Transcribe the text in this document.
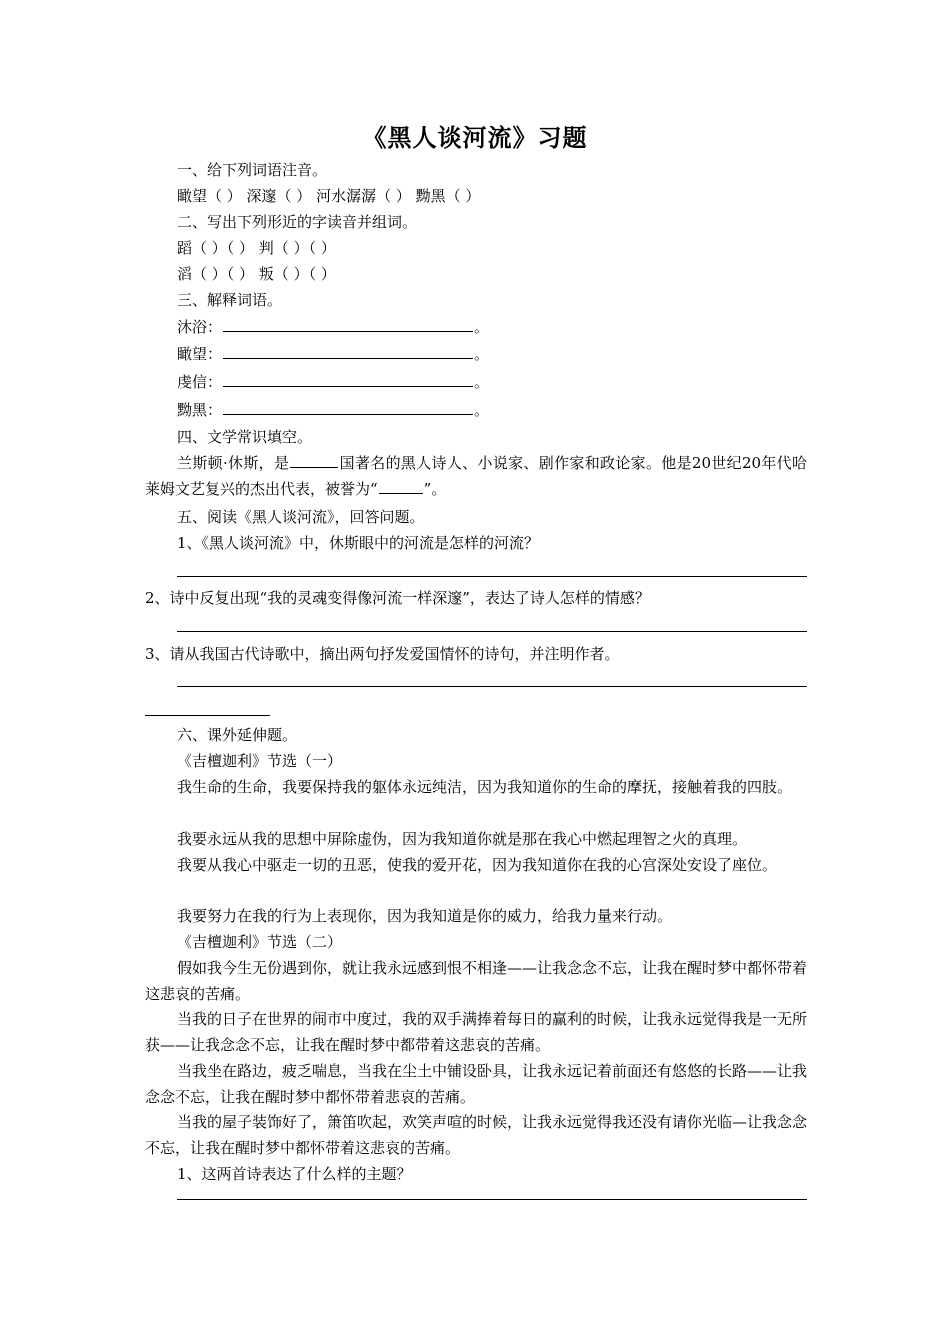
《黑人谈河流》习题
一、给下列词语注音。
瞰望（ ） 深邃（ ） 河水潺潺（ ） 黝黑（ ）
二、写出下列形近的字读音并组词。
蹈（ ）（ ） 判（ ）（ ）
滔（ ）（ ） 叛（ ）（ ）
三、解释词语。
沐浴：	。
瞰望：	。
虔信：	。
黝黑：	。
四、文学常识填空。
兰斯顿·休斯，是	国著名的黑人诗人、小说家、剧作家和政论家。他是20世纪20年代哈莱姆文艺复兴的杰出代表，被誉为“	”。
五、阅读《黑人谈河流》，回答问题。
1、《黑人谈河流》中，休斯眼中的河流是怎样的河流？
2、诗中反复出现“我的灵魂变得像河流一样深邃”，表达了诗人怎样的情感？
3、请从我国古代诗歌中，摘出两句抒发爱国情怀的诗句，并注明作者。
六、课外延伸题。
《吉檀迦利》节选（一）
我生命的生命，我要保持我的躯体永远纯洁，因为我知道你的生命的摩抚，接触着我的四肢。
我要永远从我的思想中屏除虚伪，因为我知道你就是那在我心中燃起理智之火的真理。
我要从我心中驱走一切的丑恶，使我的爱开花，因为我知道你在我的心宫深处安设了座位。
我要努力在我的行为上表现你，因为我知道是你的威力，给我力量来行动。
《吉檀迦利》节选（二）
假如我今生无份遇到你，就让我永远感到恨不相逢——让我念念不忘，让我在醒时梦中都怀带着这悲哀的苦痛。
当我的日子在世界的闹市中度过，我的双手满捧着每日的赢利的时候，让我永远觉得我是一无所获——让我念念不忘，让我在醒时梦中都带着这悲哀的苦痛。
当我坐在路边，疲乏喘息，当我在尘土中铺设卧具，让我永远记着前面还有悠悠的长路——让我念念不忘，让我在醒时梦中都怀带着悲哀的苦痛。
当我的屋子装饰好了，箫笛吹起，欢笑声喧的时候，让我永远觉得我还没有请你光临—让我念念不忘，让我在醒时梦中都怀带着这悲哀的苦痛。
1、这两首诗表达了什么样的主题？
